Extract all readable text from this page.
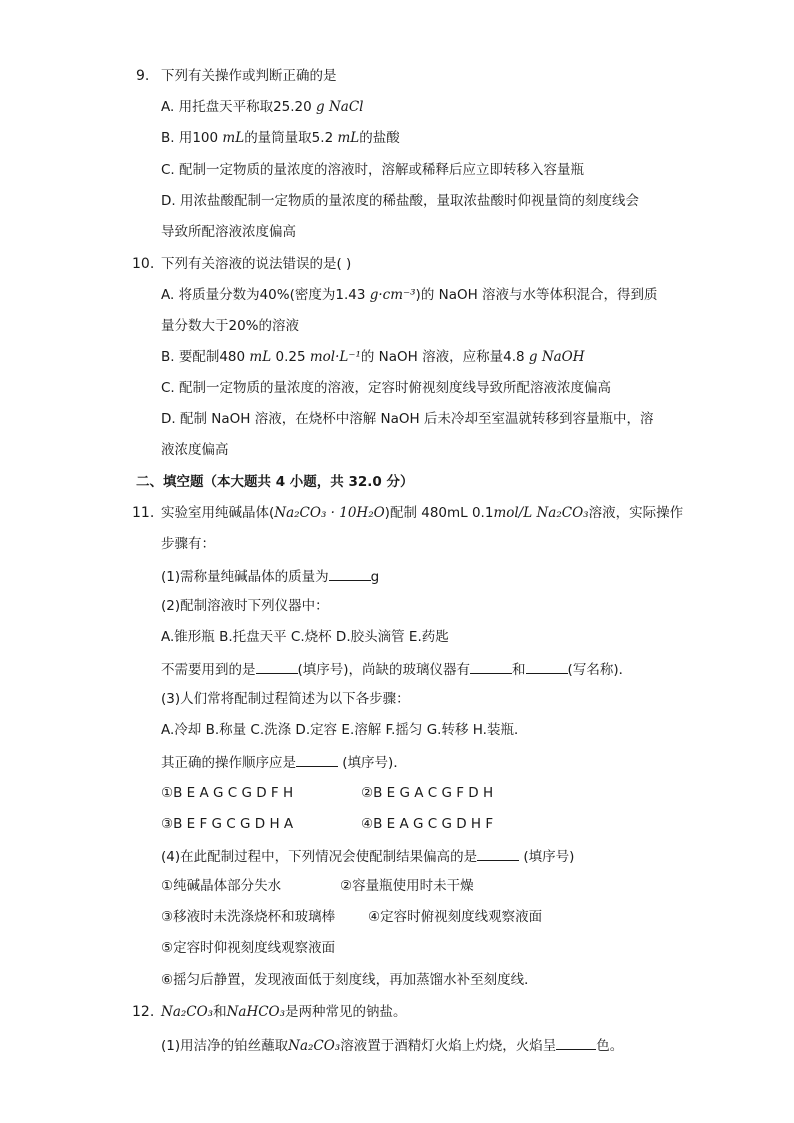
9. 下列有关操作或判断正确的是
A. 用托盘天平称取25.20 g NaCl
B. 用100 mL的量筒量取5.2 mL的盐酸
C. 配制一定物质的量浓度的溶液时，溶解或稀释后应立即转移入容量瓶
D. 用浓盐酸配制一定物质的量浓度的稀盐酸，量取浓盐酸时仰视量筒的刻度线会
导致所配溶液浓度偏高
10. 下列有关溶液的说法错误的是( )
A. 将质量分数为40%(密度为1.43 g·cm⁻³)的 NaOH 溶液与水等体积混合，得到质
量分数大于20%的溶液
B. 要配制480 mL 0.25 mol·L⁻¹的 NaOH 溶液，应称量4.8 g NaOH
C. 配制一定物质的量浓度的溶液，定容时俯视刻度线导致所配溶液浓度偏高
D. 配制 NaOH 溶液，在烧杯中溶解 NaOH 后未冷却至室温就转移到容量瓶中，溶
液浓度偏高
二、填空题（本大题共 4 小题，共 32.0 分）
11. 实验室用纯碱晶体(Na₂CO₃ · 10H₂O)配制 480mL 0.1mol/L Na₂CO₃溶液，实际操作
步骤有：
(1)需称量纯碱晶体的质量为	g
(2)配制溶液时下列仪器中：
A.锥形瓶 B.托盘天平 C.烧杯 D.胶头滴管 E.药匙
不需要用到的是	(填序号)，尚缺的玻璃仪器有	和	(写名称)．
(3)人们常将配制过程简述为以下各步骤：
A.冷却 B.称量 C.洗涤 D.定容 E.溶解 F.摇匀 G.转移 H.装瓶．
其正确的操作顺序应是	(填序号)．
①B E A G C G D F H	②B E G A C G F D H
③B E F G C G D H A	④B E A G C G D H F
(4)在此配制过程中，下列情况会使配制结果偏高的是	(填序号)
①纯碱晶体部分失水	②容量瓶使用时未干燥
③移液时未洗涤烧杯和玻璃棒 ④定容时俯视刻度线观察液面
⑤定容时仰视刻度线观察液面
⑥摇匀后静置，发现液面低于刻度线，再加蒸馏水补至刻度线．
12. Na₂CO₃和NaHCO₃是两种常见的钠盐。
(1)用洁净的铂丝蘸取Na₂CO₃溶液置于酒精灯火焰上灼烧，火焰呈	色。
